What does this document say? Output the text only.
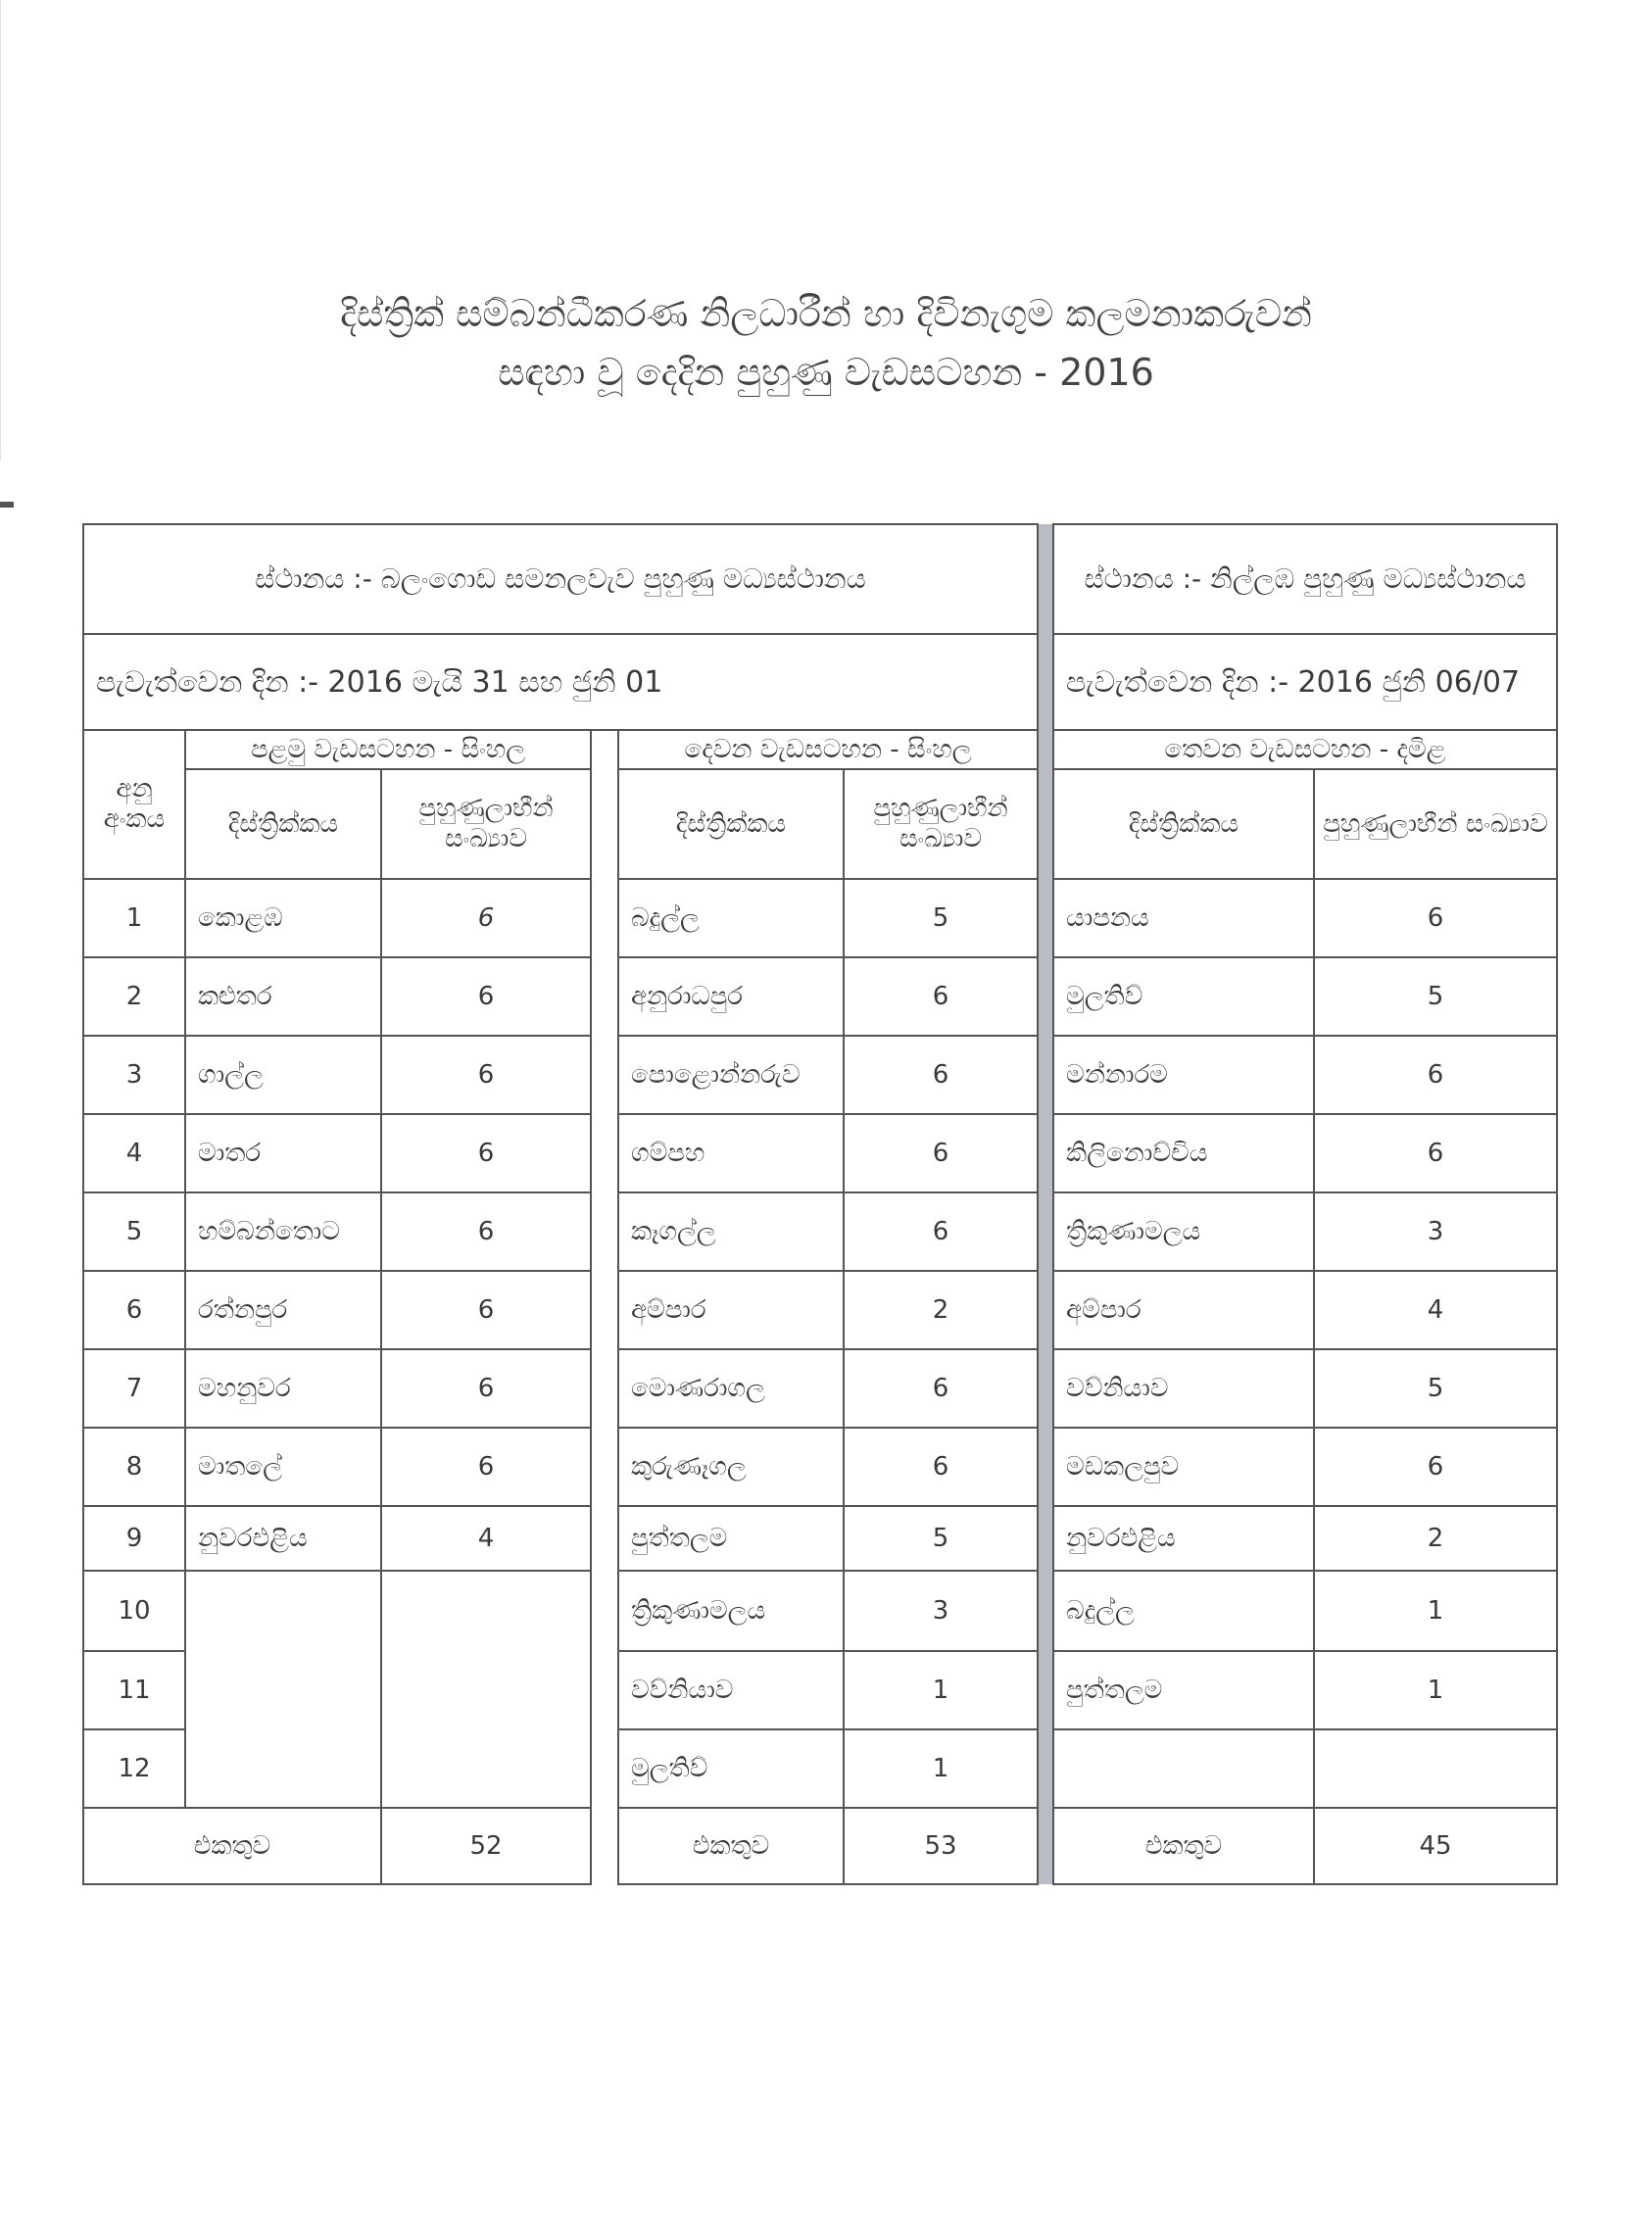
දිස්ත්‍රික් සම්බන්ධීකරණ නිලධාරීන් හා දිවිනැගුම කලමනාකරුවන්
සඳහා වූ දෙදින පුහුණු වැඩසටහන - 2016
ස්ථානය :- බලංගොඩ සමනලවැව පුහුණු මධ්‍යස්ථානය							ස්ථානය :- නිල්ලඹ පුහුණු මධ්‍යස්ථානය	
පැවැත්වෙන දින :- 2016 මැයි 31 සහ ජුනි 01							පැවැත්වෙන දින :- 2016 ජුනි 06/07	
අනු අංකය	පළමු වැඩසටහන - සිංහල			දෙවන වැඩසටහන - සිංහල			තෙවන වැඩසටහන - දමිළ	
	දිස්ත්‍රික්කය	පුහුණුලාභීන් සංඛ්‍යාව		දිස්ත්‍රික්කය	පුහුණුලාභීන් සංඛ්‍යාව		දිස්ත්‍රික්කය	පුහුණුලාභීන් සංඛ්‍යාව
1	කොළඹ	6		බදුල්ල	5		යාපනය	6
2	කළුතර	6		අනුරාධපුර	6		මුලතිව්	5
3	ගාල්ල	6		පොළොන්නරුව	6		මන්නාරම	6
4	මාතර	6		ගම්පහ	6		කිලිනොච්චිය	6
5	හම්බන්තොට	6		කෑගල්ල	6		ත්‍රිකුණාමලය	3
6	රත්නපුර	6		අම්පාර	2		අම්පාර	4
7	මහනුවර	6		මොණරාගල	6		වව්නියාව	5
8	මාතලේ	6		කුරුණෑගල	6		මඩකලපුව	6
9	නුවරඑළිය	4		පුත්තලම	5		නුවරඑළිය	2
10				ත්‍රිකුණාමලය	3		බදුල්ල	1
11				වව්නියාව	1		පුත්තලම	1
12				මුලතිව්	1			
එකතුව		52		එකතුව	53		එකතුව	45
